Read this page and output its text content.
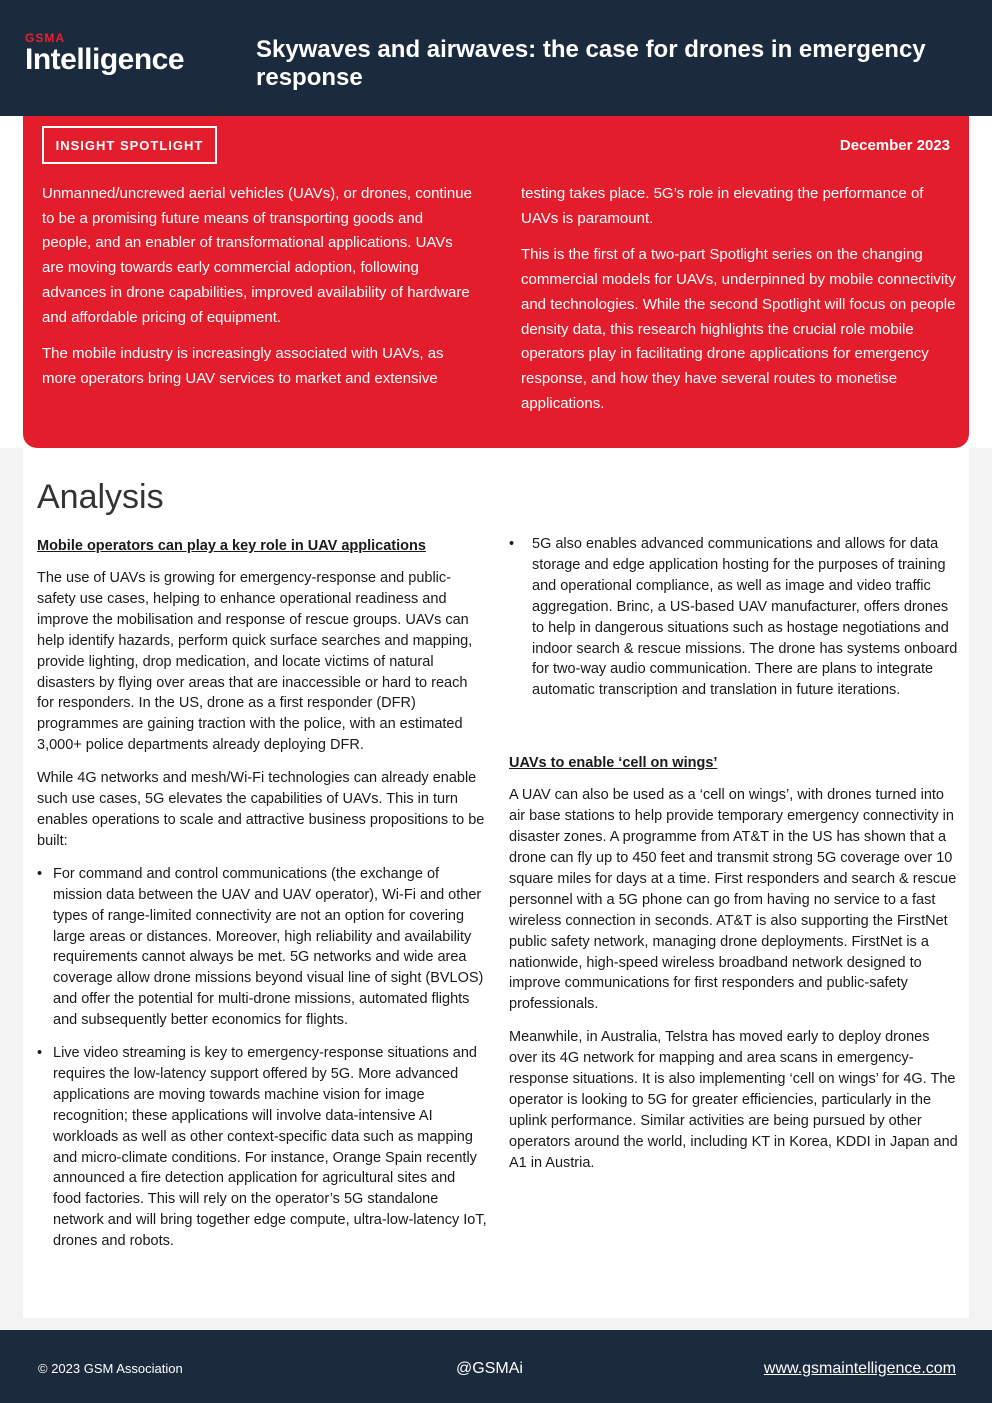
GSMA
Intelligence	Skywaves and airwaves: the case for drones in emergency response
INSIGHT SPOTLIGHT	December 2023

Unmanned/uncrewed aerial vehicles (UAVs), or drones, continue to be a promising future means of transporting goods and people, and an enabler of transformational applications. UAVs are moving towards early commercial adoption, following advances in drone capabilities, improved availability of hardware and affordable pricing of equipment.

The mobile industry is increasingly associated with UAVs, as more operators bring UAV services to market and extensive

testing takes place. 5G’s role in elevating the performance of UAVs is paramount.

This is the first of a two-part Spotlight series on the changing commercial models for UAVs, underpinned by mobile connectivity and technologies. While the second Spotlight will focus on people density data, this research highlights the crucial role mobile operators play in facilitating drone applications for emergency response, and how they have several routes to monetise applications.

Analysis
Mobile operators can play a key role in UAV applications

The use of UAVs is growing for emergency-response and public-safety use cases, helping to enhance operational readiness and improve the mobilisation and response of rescue groups. UAVs can help identify hazards, perform quick surface searches and mapping, provide lighting, drop medication, and locate victims of natural disasters by flying over areas that are inaccessible or hard to reach for responders. In the US, drone as a first responder (DFR) programmes are gaining traction with the police, with an estimated 3,000+ police departments already deploying DFR.

While 4G networks and mesh/Wi-Fi technologies can already enable such use cases, 5G elevates the capabilities of UAVs. This in turn enables operations to scale and attractive business propositions to be built:

• For command and control communications (the exchange of mission data between the UAV and UAV operator), Wi-Fi and other types of range-limited connectivity are not an option for covering large areas or distances. Moreover, high reliability and availability requirements cannot always be met. 5G networks and wide area coverage allow drone missions beyond visual line of sight (BVLOS) and offer the potential for multi-drone missions, automated flights and subsequently better economics for flights.
• Live video streaming is key to emergency-response situations and requires the low-latency support offered by 5G. More advanced applications are moving towards machine vision for image recognition; these applications will involve data-intensive AI workloads as well as other context-specific data such as mapping and micro-climate conditions. For instance, Orange Spain recently announced a fire detection application for agricultural sites and food factories. This will rely on the operator’s 5G standalone network and will bring together edge compute, ultra-low-latency IoT, drones and robots.
• 5G also enables advanced communications and allows for data storage and edge application hosting for the purposes of training and operational compliance, as well as image and video traffic aggregation. Brinc, a US-based UAV manufacturer, offers drones to help in dangerous situations such as hostage negotiations and indoor search & rescue missions. The drone has systems onboard for two-way audio communication. There are plans to integrate automatic transcription and translation in future iterations.
UAVs to enable ‘cell on wings’

A UAV can also be used as a ‘cell on wings’, with drones turned into air base stations to help provide temporary emergency connectivity in disaster zones. A programme from AT&T in the US has shown that a drone can fly up to 450 feet and transmit strong 5G coverage over 10 square miles for days at a time. First responders and search & rescue personnel with a 5G phone can go from having no service to a fast wireless connection in seconds. AT&T is also supporting the FirstNet public safety network, managing drone deployments. FirstNet is a nationwide, high-speed wireless broadband network designed to improve communications for first responders and public-safety professionals.

Meanwhile, in Australia, Telstra has moved early to deploy drones over its 4G network for mapping and area scans in emergency-response situations. It is also implementing ‘cell on wings’ for 4G. The operator is looking to 5G for greater efficiencies, particularly in the uplink performance. Similar activities are being pursued by other operators around the world, including KT in Korea, KDDI in Japan and A1 in Austria.

© 2023 GSM Association	@GSMAi	www.gsmaintelligence.com
